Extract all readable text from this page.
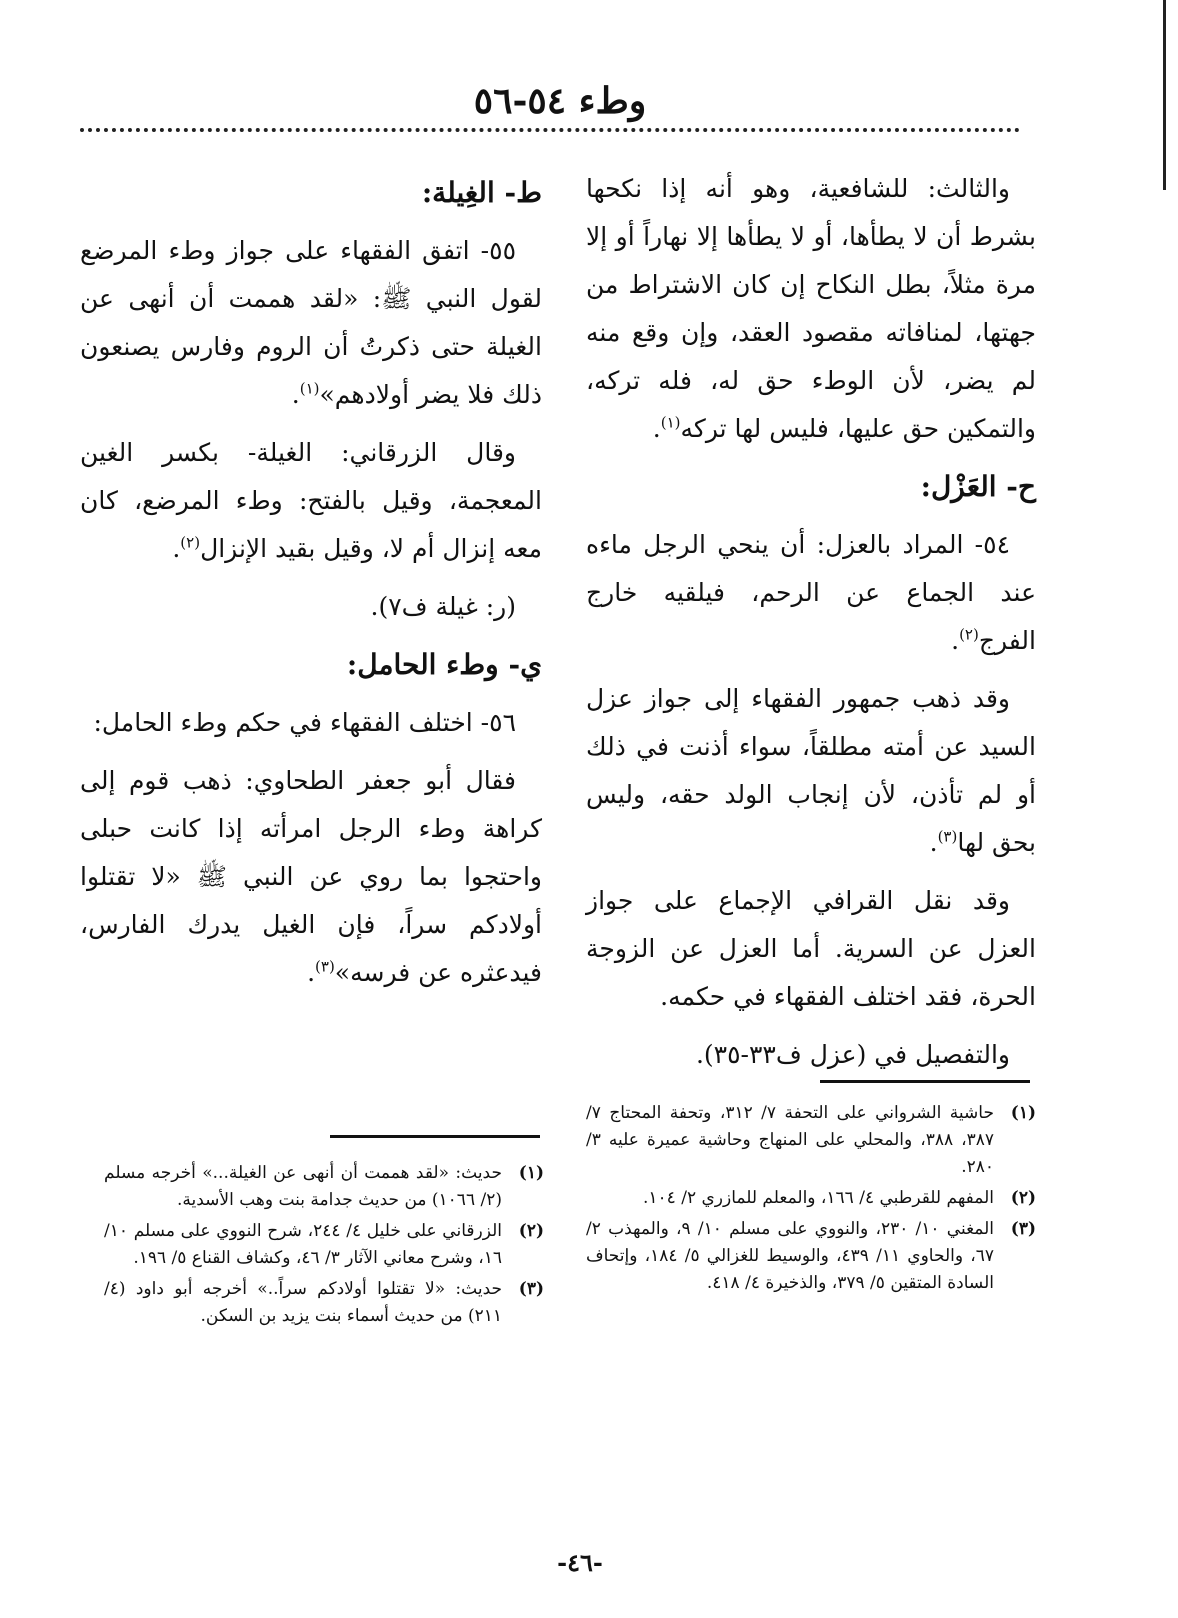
وطء ٥٤-٥٦

والثالث: للشافعية، وهو أنه إذا نكحها بشرط أن لا يطأها، أو لا يطأها إلا نهاراً أو إلا مرة مثلاً، بطل النكاح إن كان الاشتراط من جهتها، لمنافاته مقصود العقد، وإن وقع منه لم يضر، لأن الوطء حق له، فله تركه، والتمكين حق عليها، فليس لها تركه$^{(١)}$.

ح- العَزْل:

٥٤- المراد بالعزل: أن ينحي الرجل ماءه عند الجماع عن الرحم، فيلقيه خارج الفرج$^{(٢)}$.

وقد ذهب جمهور الفقهاء إلى جواز عزل السيد عن أمته مطلقاً، سواء أذنت في ذلك أو لم تأذن، لأن إنجاب الولد حقه، وليس بحق لها$^{(٣)}$.

وقد نقل القرافي الإجماع على جواز العزل عن السرية. أما العزل عن الزوجة الحرة، فقد اختلف الفقهاء في حكمه.

والتفصيل في (عزل ف٣٣-٣٥).

ط- الغِيلة:

٥٥- اتفق الفقهاء على جواز وطء المرضع لقول النبي ﷺ: «لقد هممت أن أنهى عن الغيلة حتى ذكرتُ أن الروم وفارس يصنعون ذلك فلا يضر أولادهم»$^{(١)}$.

وقال الزرقاني: الغيلة- بكسر الغين المعجمة، وقيل بالفتح: وطء المرضع، كان معه إنزال أم لا، وقيل بقيد الإنزال$^{(٢)}$.

(ر: غيلة ف٧).

ي- وطء الحامل:

٥٦- اختلف الفقهاء في حكم وطء الحامل:

فقال أبو جعفر الطحاوي: ذهب قوم إلى كراهة وطء الرجل امرأته إذا كانت حبلى واحتجوا بما روي عن النبي ﷺ «لا تقتلوا أولادكم سراً، فإن الغيل يدرك الفارس، فيدعثره عن فرسه»$^{(٣)}$.

(١)
حاشية الشرواني على التحفة ٧/ ٣١٢، وتحفة المحتاج ٧/ ٣٨٧، ٣٨٨، والمحلي على المنهاج وحاشية عميرة عليه ٣/ ٢٨٠.
(٢)
المفهم للقرطبي ٤/ ١٦٦، والمعلم للمازري ٢/ ١٠٤.
(٣)
المغني ١٠/ ٢٣٠، والنووي على مسلم ١٠/ ٩، والمهذب ٢/ ٦٧، والحاوي ١١/ ٤٣٩، والوسيط للغزالي ٥/ ١٨٤، وإتحاف السادة المتقين ٥/ ٣٧٩، والذخيرة ٤/ ٤١٨.
(١)
حديث: «لقد هممت أن أنهى عن الغيلة...» أخرجه مسلم (٢/ ١٠٦٦) من حديث جدامة بنت وهب الأسدية.
(٢)
الزرقاني على خليل ٤/ ٢٤٤، شرح النووي على مسلم ١٠/ ١٦، وشرح معاني الآثار ٣/ ٤٦، وكشاف القناع ٥/ ١٩٦.
(٣)
حديث: «لا تقتلوا أولادكم سراً..» أخرجه أبو داود (٤/ ٢١١) من حديث أسماء بنت يزيد بن السكن.
-٤٦-
